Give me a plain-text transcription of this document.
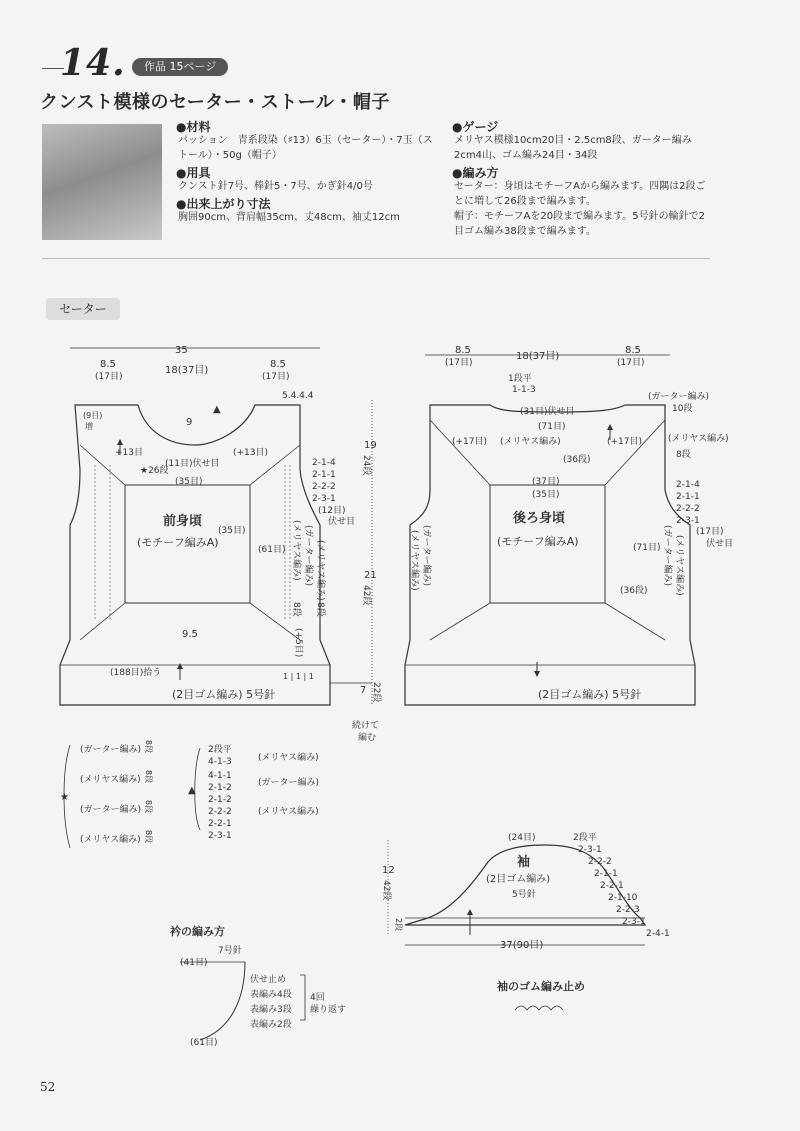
14.	作品 15ページ
クンスト模様のセーター・ストール・帽子
●材料
パッション　青系段染（♯13）6玉（セーター）・7玉（ス
トール）・50g（帽子）
●用具
クンスト針7号、棒針5・7号、かぎ針4/0号
●出来上がり寸法
胸囲90cm、背肩幅35cm、丈48cm、袖丈12cm
●ゲージ
メリヤス模様10cm20目・2.5cm8段、ガーター編み
2cm4山、ゴム編み24目・34段
●編み方
セーター：身頃はモチーフAから編みます。四隅は2段ご
とに増して26段まで編みます。
帽子：モチーフAを20段まで編みます。5号針の輪針で2
目ゴム編み38段まで編みます。
セーター
35
8.5
(17目)
18(37目)
8.5
(17目)
5.4.4.4
9
▲
(9目)
増
+13目	(+13目)
(11目)伏せ目
★26段
(35目)
前身頃
(モチーフ編みA)
(35目)
(61目)
9.5
(188目)拾う
(2目ゴム編み) 5号針
1 | 1 | 1
2-1-4
2-1-1
2-2-2
2-3-1
(12目)
伏せ目
(メリヤス編み) (ガーター編み) (メリヤス編み)
8段 8段
(+5目)
19
24段
21
42段
7 22段
続けて
編む
8.5
(17目)
18(37目)
8.5
(17目)
1段平
1-1-3
(31目)伏せ目
(71目)
(+17目) (メリヤス編み)	(+17目)
(36段)
(37目)
(35目)
後ろ身頃
(モチーフ編みA)	(71目)
(36段)
(ガーター編み)
10段
(メリヤス編み)
8段
2-1-4
2-1-1
2-2-2
2-3-1
(17目)
伏せ目
(メリヤス編み) (ガーター編み)	(ガーター編み) (メリヤス編み)
(2目ゴム編み) 5号針
★
(ガーター編み)
(メリヤス編み)
(ガーター編み)
(メリヤス編み)
8段
8段
8段
8段
▲
2段平
4-1-3
4-1-1
2-1-2
2-1-2
2-2-2
2-2-1
2-3-1
(メリヤス編み)
(ガーター編み)
(メリヤス編み)
(24目)
袖
(2目ゴム編み)
5号針
12
42段
2段
37(90目)
2段平
2-3-1
2-2-2
2-1-1
2-2-1
2-1-10
2-2-3
2-3-1
2-4-1
袖のゴム編み止め
衿の編み方
7号針
(41目)
伏せ止め
表編み4段
表編み3段
表編み2段
4回
繰り返す
(61目)
52
